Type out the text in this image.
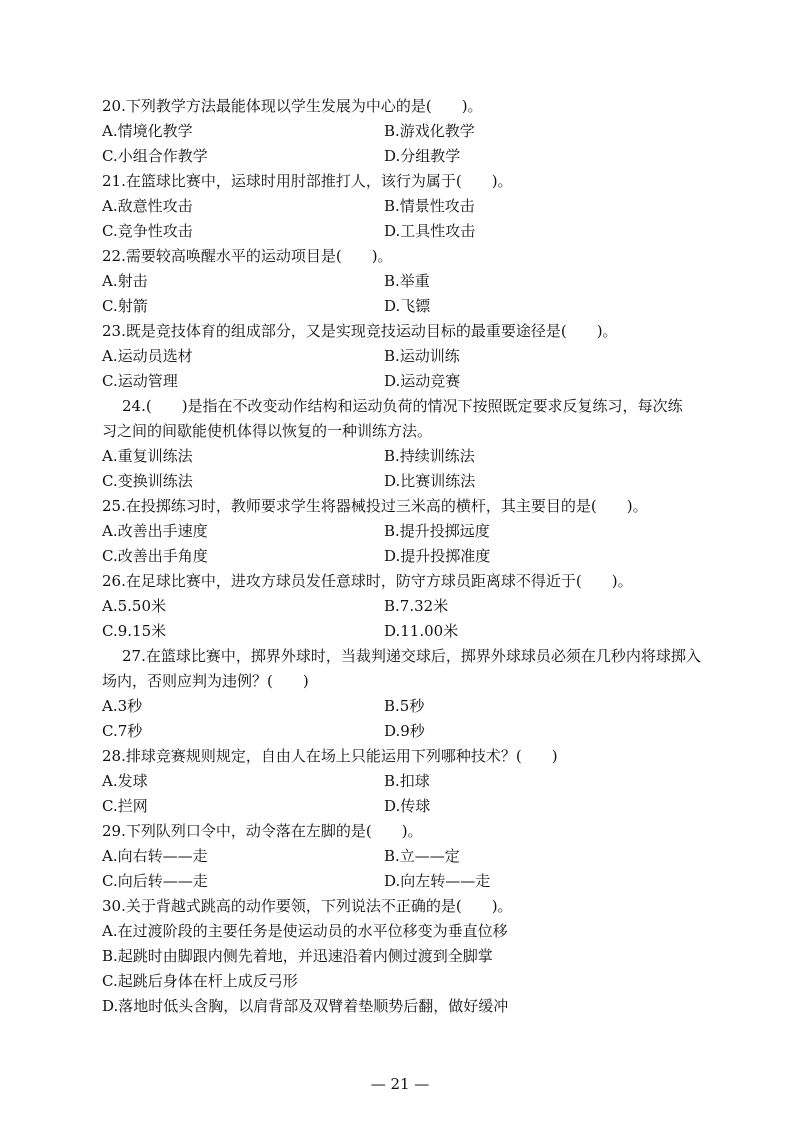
20.下列教学方法最能体现以学生发展为中心的是(　　)。
A.情境化教学	B.游戏化教学
C.小组合作教学	D.分组教学
21.在篮球比赛中，运球时用肘部推打人，该行为属于(　　)。
A.敌意性攻击	B.情景性攻击
C.竞争性攻击	D.工具性攻击
22.需要较高唤醒水平的运动项目是(　　)。
A.射击	B.举重
C.射箭	D.飞镖
23.既是竞技体育的组成部分，又是实现竞技运动目标的最重要途径是(　　)。
A.运动员选材	B.运动训练
C.运动管理	D.运动竞赛
24.(　　)是指在不改变动作结构和运动负荷的情况下按照既定要求反复练习，每次练
习之间的间歇能使机体得以恢复的一种训练方法。
A.重复训练法	B.持续训练法
C.变换训练法	D.比赛训练法
25.在投掷练习时，教师要求学生将器械投过三米高的横杆，其主要目的是(　　)。
A.改善出手速度	B.提升投掷远度
C.改善出手角度	D.提升投掷准度
26.在足球比赛中，进攻方球员发任意球时，防守方球员距离球不得近于(　　)。
A.5.50米	B.7.32米
C.9.15米	D.11.00米
27.在篮球比赛中，掷界外球时，当裁判递交球后，掷界外球球员必须在几秒内将球掷入
场内，否则应判为违例？(　　)
A.3秒	B.5秒
C.7秒	D.9秒
28.排球竞赛规则规定，自由人在场上只能运用下列哪种技术？(　　)
A.发球	B.扣球
C.拦网	D.传球
29.下列队列口令中，动令落在左脚的是(　　)。
A.向右转——走	B.立——定
C.向后转——走	D.向左转——走
30.关于背越式跳高的动作要领，下列说法不正确的是(　　)。
A.在过渡阶段的主要任务是使运动员的水平位移变为垂直位移
B.起跳时由脚跟内侧先着地，并迅速沿着内侧过渡到全脚掌
C.起跳后身体在杆上成反弓形
D.落地时低头含胸，以肩背部及双臂着垫顺势后翻，做好缓冲
— 21 —
